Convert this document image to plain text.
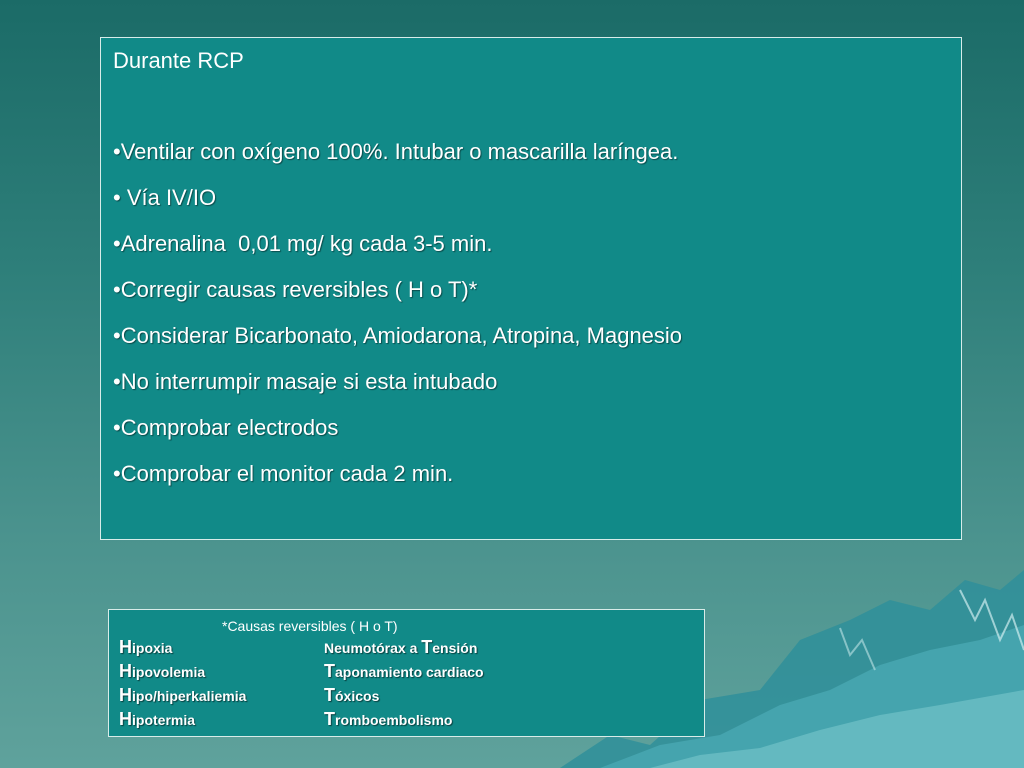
Durante RCP
•Ventilar con oxígeno 100%. Intubar o mascarilla laríngea.
• Vía IV/IO
•Adrenalina  0,01 mg/ kg cada 3-5 min.
•Corregir causas reversibles ( H o T)*
•Considerar Bicarbonato, Amiodarona, Atropina, Magnesio
•No interrumpir masaje si esta intubado
•Comprobar electrodos
•Comprobar el monitor cada 2 min.
*Causas reversibles ( H o T)
Hipoxia
Hipovolemia
Hipo/hiperkaliemia
Hipotermia
Neumotórax a Tensión
Taponamiento cardiaco
Tóxicos
Tromboembolismo
